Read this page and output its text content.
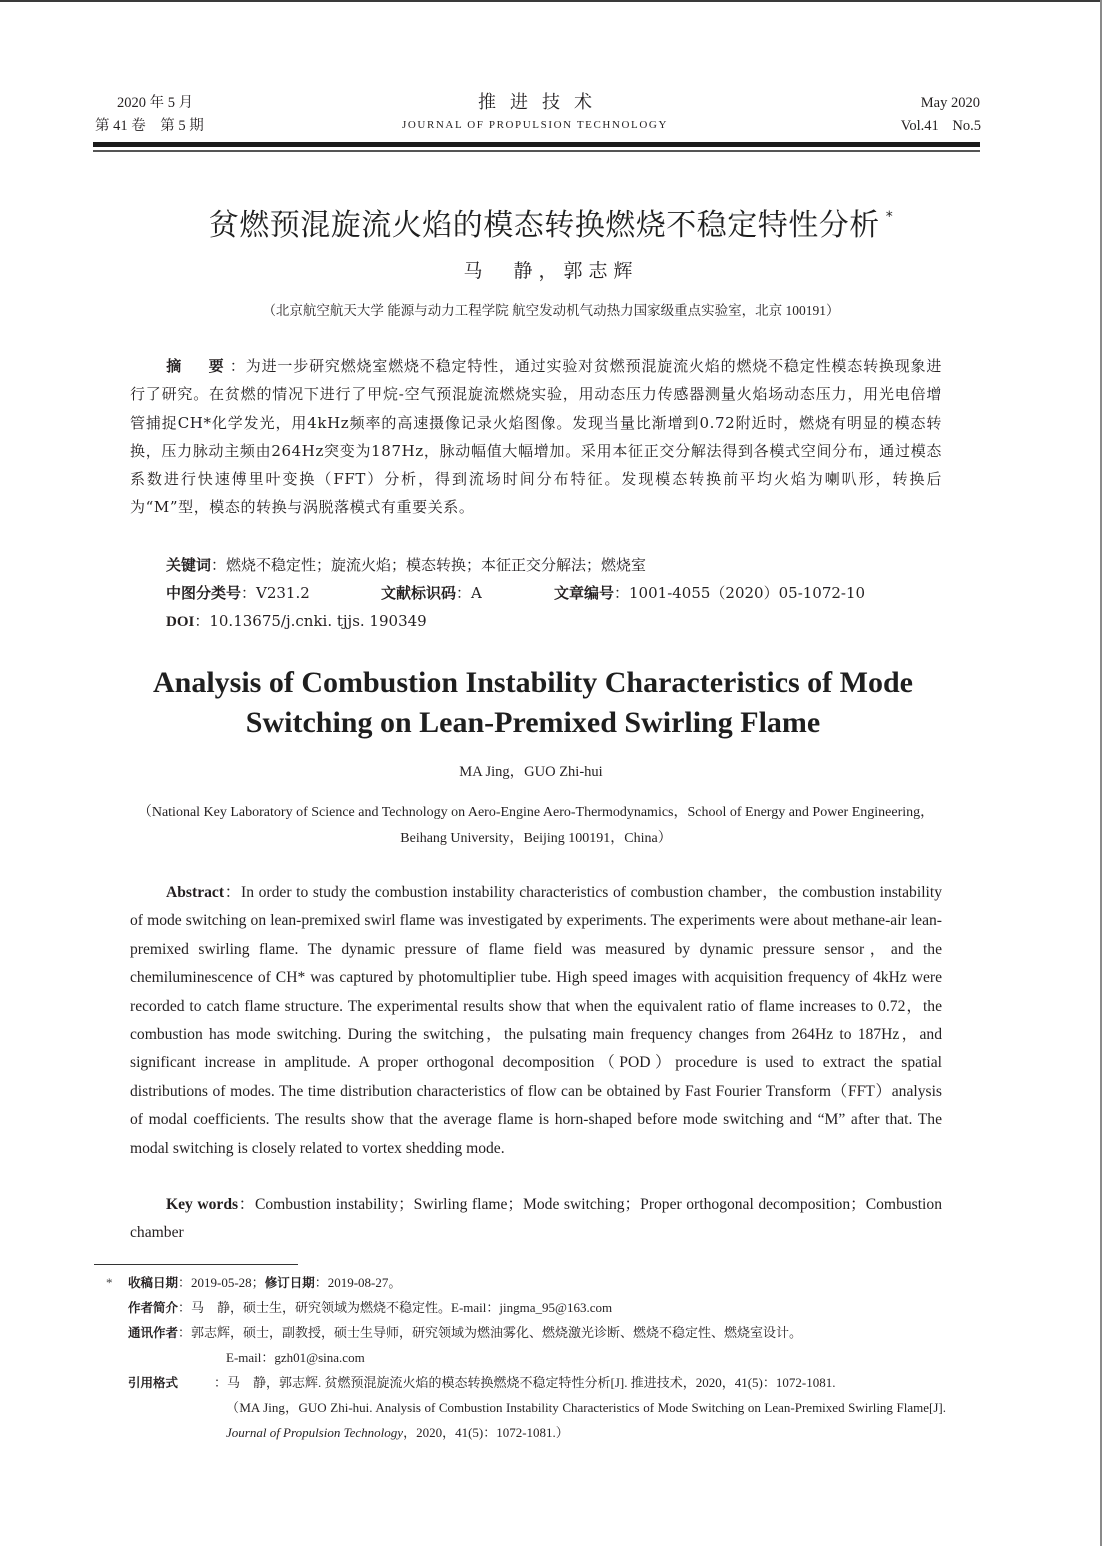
2020 年 5 月
第 41 卷　第 5 期
推进技术
JOURNAL OF PROPULSION TECHNOLOGY
May 2020
Vol.41 No.5
贫燃预混旋流火焰的模态转换燃烧不稳定特性分析 *
马　静，郭志辉
（北京航空航天大学 能源与动力工程学院 航空发动机气动热力国家级重点实验室，北京 100191）
摘　要：为进一步研究燃烧室燃烧不稳定特性，通过实验对贫燃预混旋流火焰的燃烧不稳定性模态转换现象进行了研究。在贫燃的情况下进行了甲烷-空气预混旋流燃烧实验，用动态压力传感器测量火焰场动态压力，用光电倍增管捕捉CH*化学发光，用4kHz频率的高速摄像记录火焰图像。发现当量比渐增到0.72附近时，燃烧有明显的模态转换，压力脉动主频由264Hz突变为187Hz，脉动幅值大幅增加。采用本征正交分解法得到各模式空间分布，通过模态系数进行快速傅里叶变换（FFT）分析，得到流场时间分布特征。发现模态转换前平均火焰为喇叭形，转换后为“M”型，模态的转换与涡脱落模式有重要关系。
关键词：燃烧不稳定性；旋流火焰；模态转换；本征正交分解法；燃烧室
中图分类号：V231.2	文献标识码：A	文章编号：1001-4055（2020）05-1072-10
DOI：10.13675/j.cnki. tjjs. 190349
Analysis of Combustion Instability Characteristics of Mode
Switching on Lean-Premixed Swirling Flame
MA Jing，GUO Zhi-hui
（National Key Laboratory of Science and Technology on Aero-Engine Aero-Thermodynamics，School of Energy and Power Engineering，Beihang University，Beijing 100191，China）
Abstract：In order to study the combustion instability characteristics of combustion chamber，the combustion instability of mode switching on lean-premixed swirl flame was investigated by experiments. The experiments were about methane-air lean-premixed swirling flame. The dynamic pressure of flame field was measured by dynamic pressure sensor，and the chemiluminescence of CH* was captured by photomultiplier tube. High speed images with acquisition frequency of 4kHz were recorded to catch flame structure. The experimental results show that when the equivalent ratio of flame increases to 0.72，the combustion has mode switching. During the switching，the pulsating main frequency changes from 264Hz to 187Hz，and significant increase in amplitude. A proper orthogonal decomposition（POD）procedure is used to extract the spatial distributions of modes. The time distribution characteristics of flow can be obtained by Fast Fourier Transform（FFT）analysis of modal coefficients. The results show that the average flame is horn-shaped before mode switching and “M” after that. The modal switching is closely related to vortex shedding mode.
Key words：Combustion instability；Swirling flame；Mode switching；Proper orthogonal decomposition；Combustion chamber
*	收稿日期：2019-05-28；修订日期：2019-08-27。
作者简介：马　静，硕士生，研究领域为燃烧不稳定性。E-mail：jingma_95@163.com
通讯作者：郭志辉，硕士，副教授，硕士生导师，研究领域为燃油雾化、燃烧激光诊断、燃烧不稳定性、燃烧室设计。
E-mail：gzh01@sina.com
引用格式	：马　静，郭志辉. 贫燃预混旋流火焰的模态转换燃烧不稳定特性分析[J]. 推进技术，2020，41(5)：1072-1081.
（MA Jing，GUO Zhi-hui. Analysis of Combustion Instability Characteristics of Mode Switching on Lean-Premixed Swirling Flame[J]. Journal of Propulsion Technology，2020，41(5)：1072-1081.）
